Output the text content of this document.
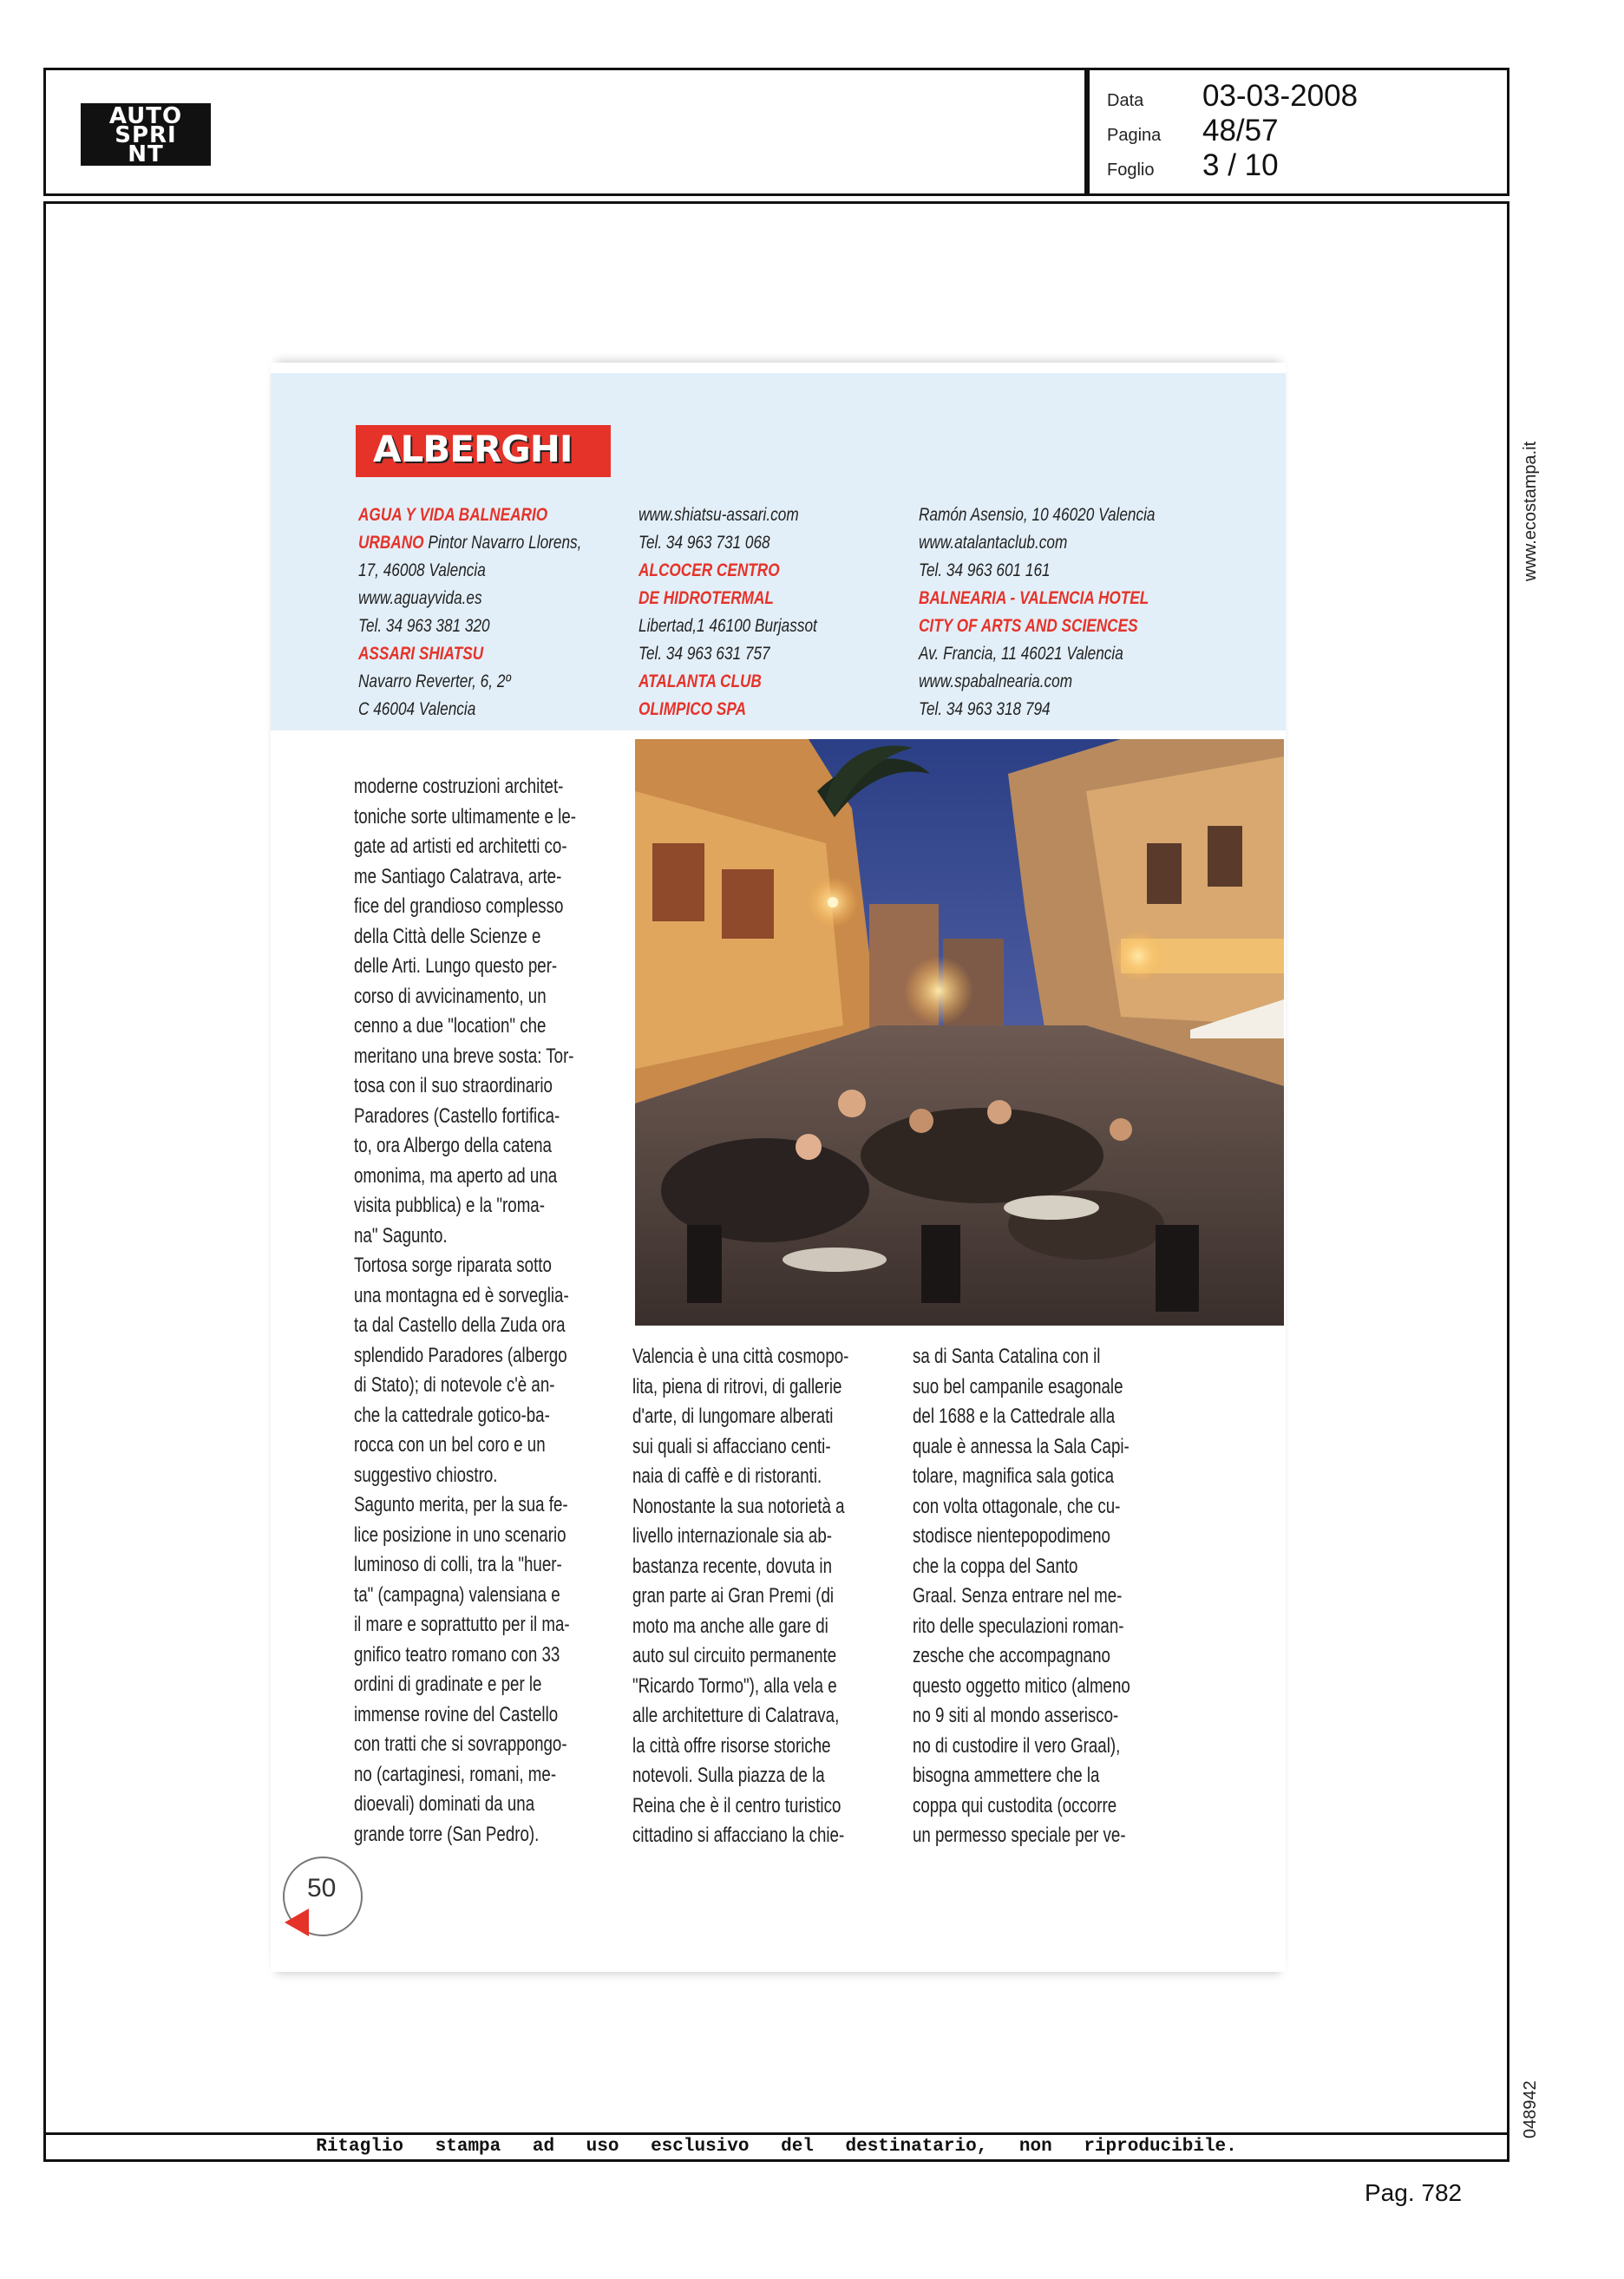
AUTO
SPRI
NT
Data 03-03-2008
Pagina 48/57
Foglio 3 / 10
www.ecostampa.it
048942
ALBERGHI
AGUA Y VIDA BALNEARIO
URBANO Pintor Navarro Llorens,
17, 46008 Valencia
www.aguayvida.es
Tel. 34 963 381 320
ASSARI SHIATSU
Navarro Reverter, 6, 2º
C 46004 Valencia
www.shiatsu-assari.com
Tel. 34 963 731 068
ALCOCER CENTRO
DE HIDROTERMAL
Libertad,1 46100 Burjassot
Tel. 34 963 631 757
ATALANTA CLUB
OLIMPICO SPA
Ramón Asensio, 10 46020 Valencia
www.atalantaclub.com
Tel. 34 963 601 161
BALNEARIA - VALENCIA HOTEL
CITY OF ARTS AND SCIENCES
Av. Francia, 11 46021 Valencia
www.spabalnearia.com
Tel. 34 963 318 794
moderne costruzioni architet-
toniche sorte ultimamente e le-
gate ad artisti ed architetti co-
me Santiago Calatrava, arte-
fice del grandioso complesso
della Città delle Scienze e
delle Arti. Lungo questo per-
corso di avvicinamento, un
cenno a due "location" che
meritano una breve sosta: Tor-
tosa con il suo straordinario
Paradores (Castello fortifica-
to, ora Albergo della catena
omonima, ma aperto ad una
visita pubblica) e la "roma-
na" Sagunto.
Tortosa sorge riparata sotto
una montagna ed è sorveglia-
ta dal Castello della Zuda ora
splendido Paradores (albergo
di Stato); di notevole c'è an-
che la cattedrale gotico-ba-
rocca con un bel coro e un
suggestivo chiostro.
Sagunto merita, per la sua fe-
lice posizione in uno scenario
luminoso di colli, tra la "huer-
ta" (campagna) valensiana e
il mare e soprattutto per il ma-
gnifico teatro romano con 33
ordini di gradinate e per le
immense rovine del Castello
con tratti che si sovrappongo-
no (cartaginesi, romani, me-
dioevali) dominati da una
grande torre (San Pedro).
Valencia è una città cosmopo-
lita, piena di ritrovi, di gallerie
d'arte, di lungomare alberati
sui quali si affacciano centi-
naia di caffè e di ristoranti.
Nonostante la sua notorietà a
livello internazionale sia ab-
bastanza recente, dovuta in
gran parte ai Gran Premi (di
moto ma anche alle gare di
auto sul circuito permanente
"Ricardo Tormo"), alla vela e
alle architetture di Calatrava,
la città offre risorse storiche
notevoli. Sulla piazza de la
Reina che è il centro turistico
cittadino si affacciano la chie-
sa di Santa Catalina con il
suo bel campanile esagonale
del 1688 e la Cattedrale alla
quale è annessa la Sala Capi-
tolare, magnifica sala gotica
con volta ottagonale, che cu-
stodisce nientepopodimeno
che la coppa del Santo
Graal. Senza entrare nel me-
rito delle speculazioni roman-
zesche che accompagnano
questo oggetto mitico (almeno
no 9 siti al mondo asserisco-
no di custodire il vero Graal),
bisogna ammettere che la
coppa qui custodita (occorre
un permesso speciale per ve-
50
Ritaglio stampa ad uso esclusivo del destinatario, non riproducibile.
Pag. 782
